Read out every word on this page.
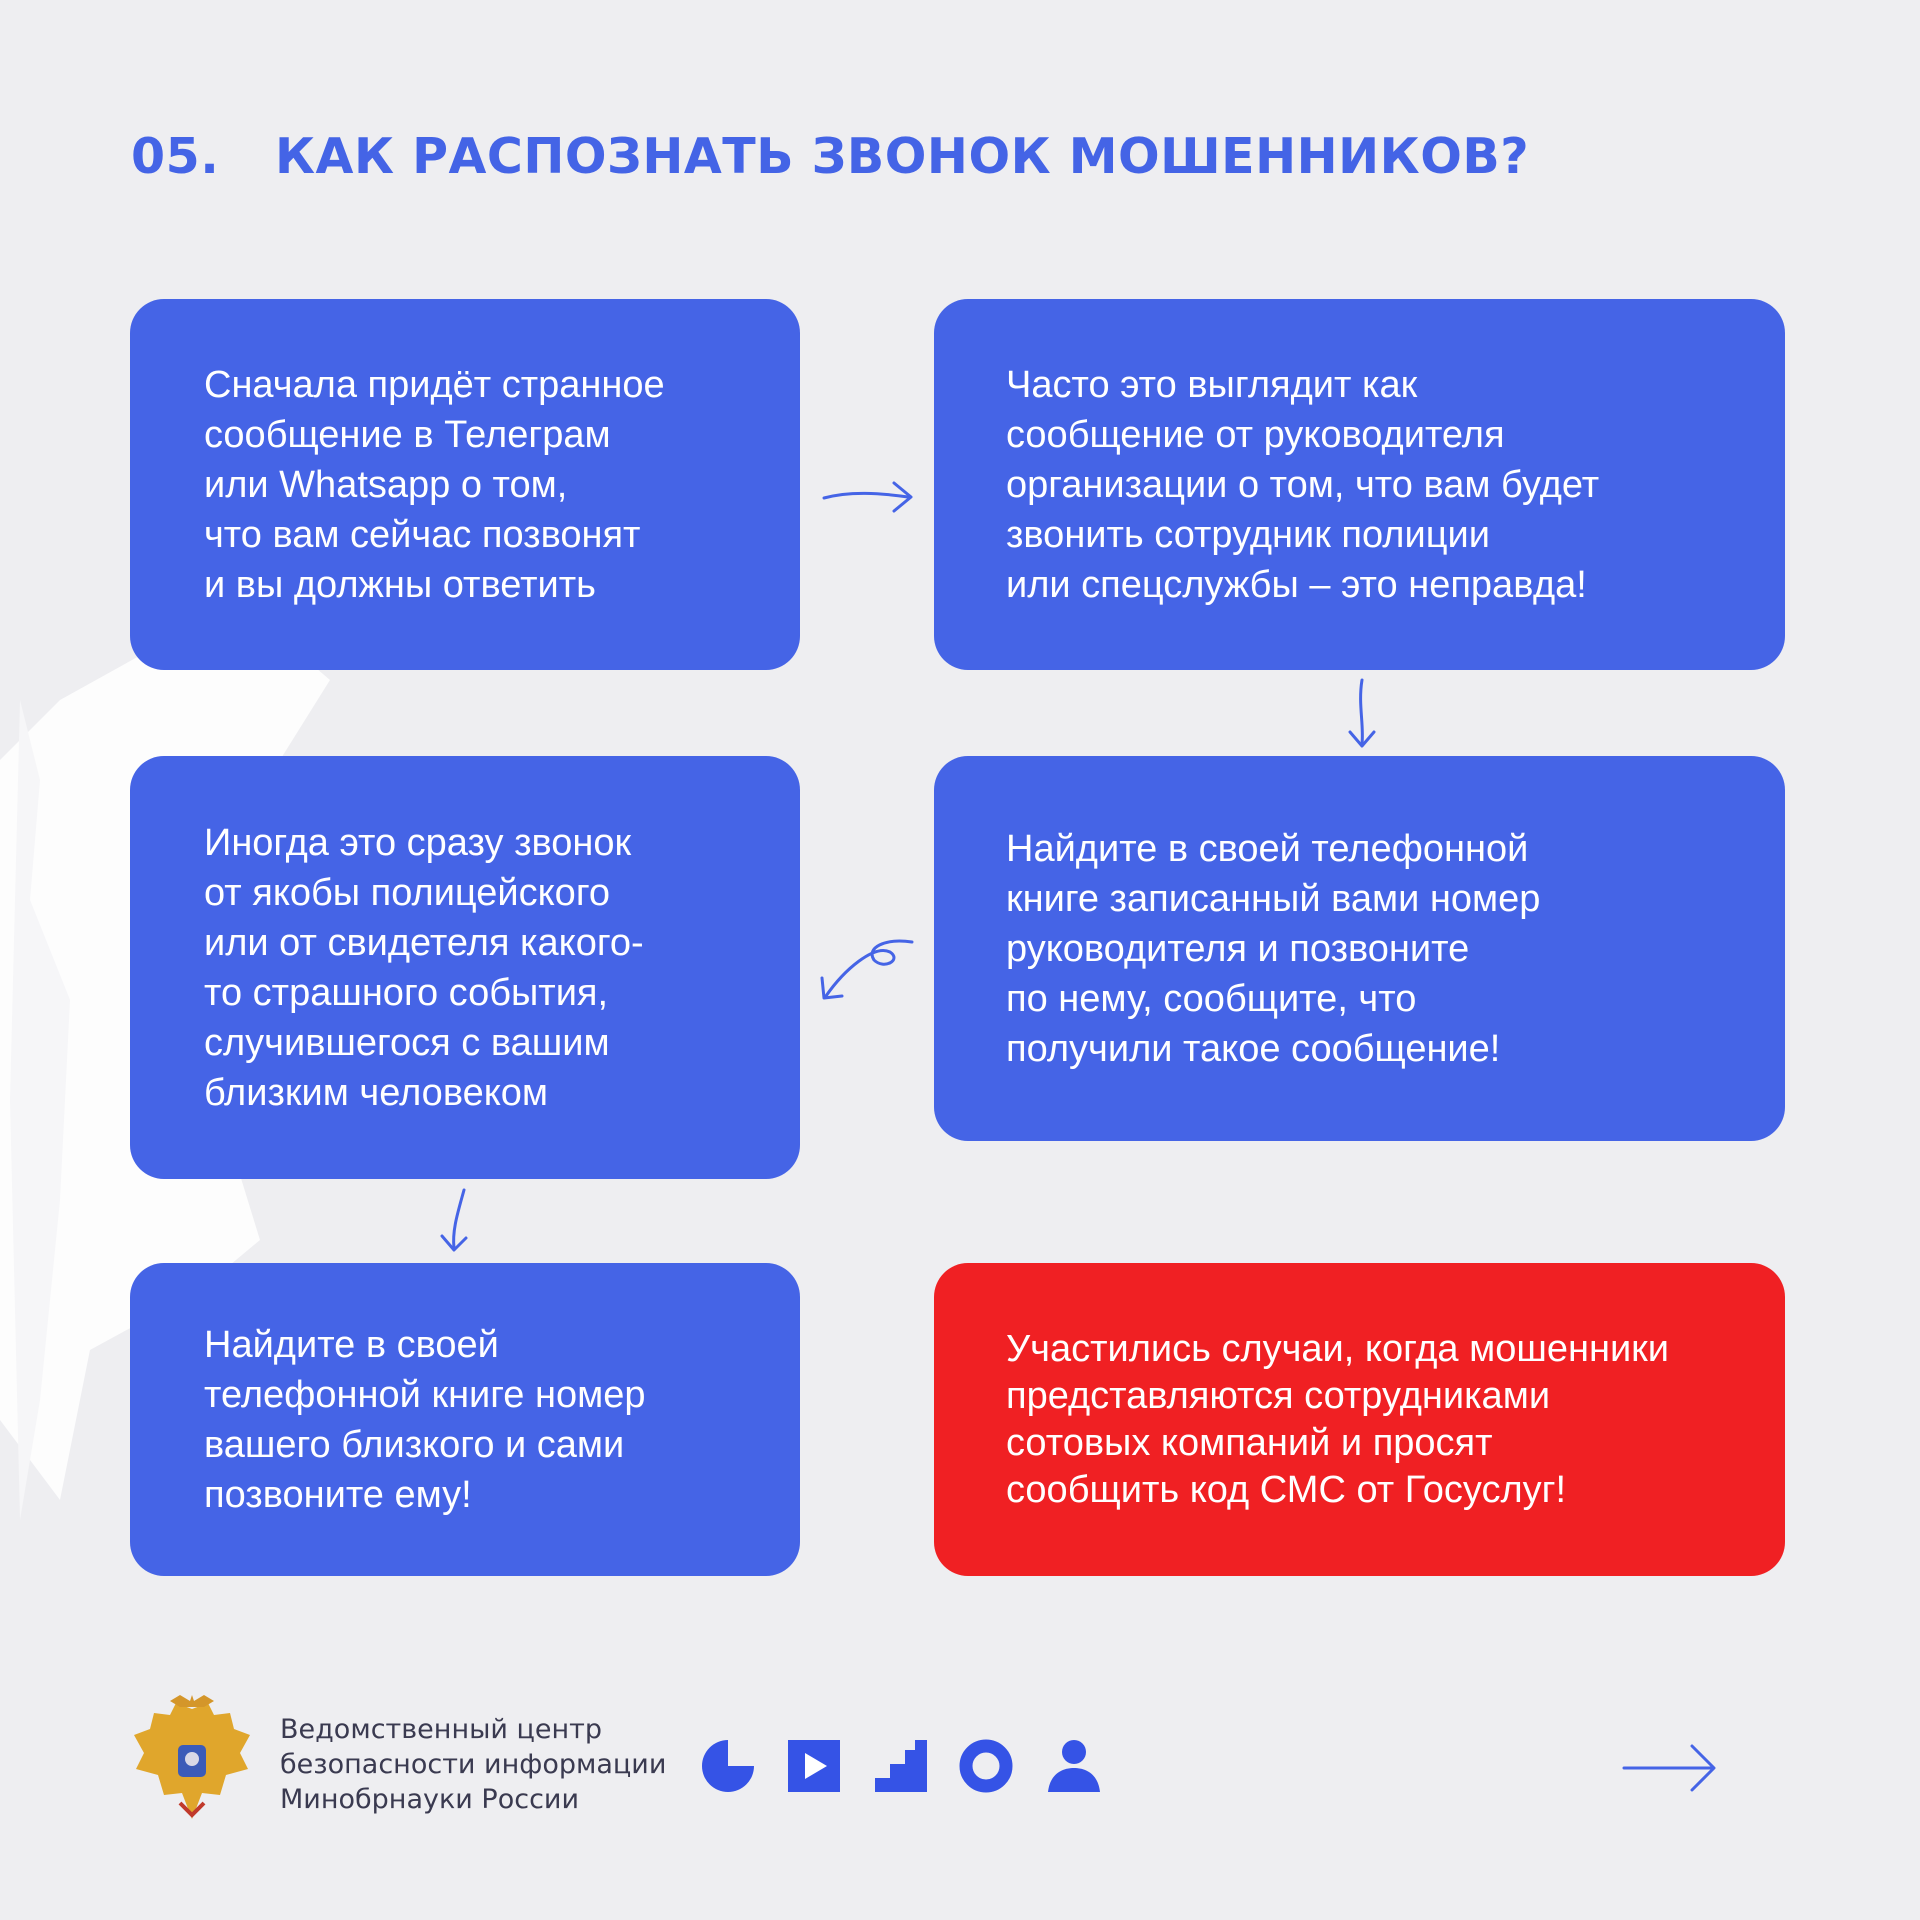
05. КАК РАСПОЗНАТЬ ЗВОНОК МОШЕННИКОВ?
Сначала придёт странное
сообщение в Телеграм
или Whatsapp о том,
что вам сейчас позвонят
и вы должны ответить
Часто это выглядит как
сообщение от руководителя
организации о том, что вам будет
звонить сотрудник полиции
или спецслужбы – это неправда!
Иногда это сразу звонок
от якобы полицейского
или от свидетеля какого-
то страшного события,
случившегося с вашим
близким человеком
Найдите в своей телефонной
книге записанный вами номер
руководителя и позвоните
по нему, сообщите, что
получили такое сообщение!
Найдите в своей
телефонной книге номер
вашего близкого и сами
позвоните ему!
Участились случаи, когда мошенники
представляются сотрудниками
сотовых компаний и просят
сообщить код СМС от Госуслуг!
Ведомственный центр
безопасности информации
Минобрнауки России
